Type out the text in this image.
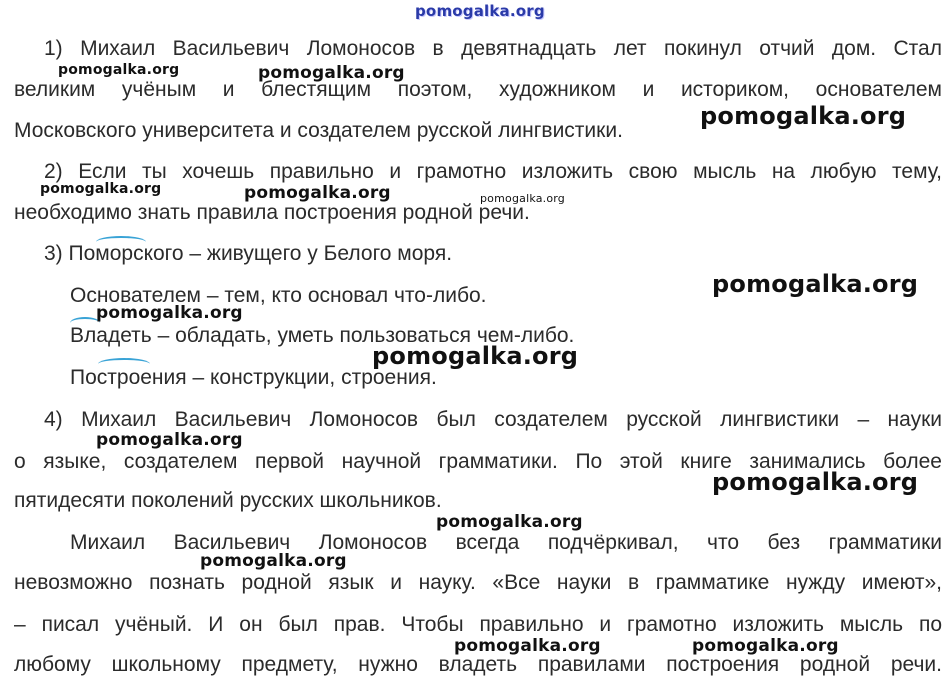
pomogalka.org
1) Михаил Васильевич Ломоносов в девятнадцать лет покинул отчий дом. Стал
великим учёным и блестящим поэтом, художником и историком, основателем
Московского университета и создателем русской лингвистики.
2) Если ты хочешь правильно и грамотно изложить свою мысль на любую тему,
необходимо знать правила построения родной речи.
3) Поморского – живущего у Белого моря.
Основателем – тем, кто основал что-либо.
Владеть – обладать, уметь пользоваться чем-либо.
Построения – конструкции, строения.
4) Михаил Васильевич Ломоносов был создателем русской лингвистики – науки
о языке, создателем первой научной грамматики. По этой книге занимались более
пятидесяти поколений русских школьников.
Михаил Васильевич Ломоносов всегда подчёркивал, что без грамматики
невозможно познать родной язык и науку. «Все науки в грамматике нужду имеют»,
– писал учёный. И он был прав. Чтобы правильно и грамотно изложить мысль по
любому школьному предмету, нужно владеть правилами построения родной речи.
pomogalka.org	pomogalka.org
pomogalka.org
pomogalka.org	pomogalka.org	pomogalka.org
pomogalka.org
pomogalka.org
pomogalka.org
pomogalka.org
pomogalka.org
pomogalka.org
pomogalka.org
pomogalka.org	pomogalka.org
